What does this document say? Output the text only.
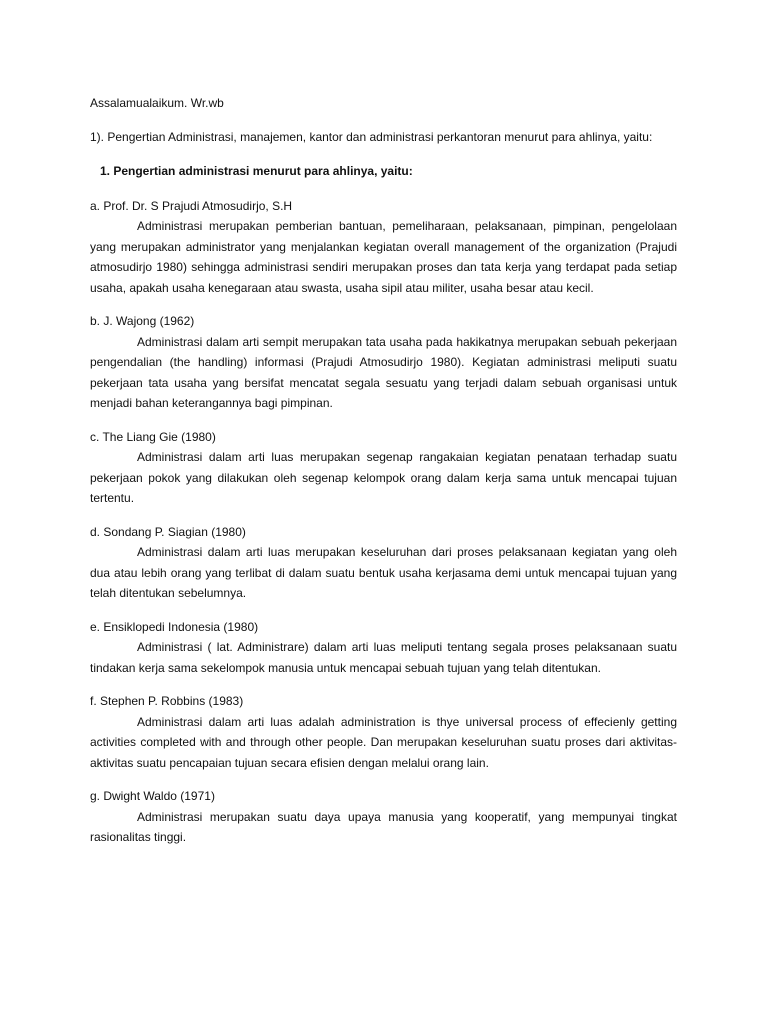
Assalamualaikum. Wr.wb

1). Pengertian Administrasi, manajemen, kantor dan administrasi perkantoran menurut para ahlinya, yaitu:

1. Pengertian administrasi menurut para ahlinya, yaitu:

a. Prof. Dr. S Prajudi Atmosudirjo, S.H

Administrasi merupakan pemberian bantuan, pemeliharaan, pelaksanaan, pimpinan, pengelolaan yang merupakan administrator yang menjalankan kegiatan overall management of the organization (Prajudi atmosudirjo 1980) sehingga administrasi sendiri merupakan proses dan tata kerja yang terdapat pada setiap usaha, apakah usaha kenegaraan atau swasta, usaha sipil atau militer, usaha besar atau kecil.

b. J. Wajong (1962)

Administrasi dalam arti sempit merupakan tata usaha pada hakikatnya merupakan sebuah pekerjaan pengendalian (the handling) informasi (Prajudi Atmosudirjo 1980). Kegiatan administrasi meliputi suatu pekerjaan tata usaha yang bersifat mencatat segala sesuatu yang terjadi dalam sebuah organisasi untuk menjadi bahan keterangannya bagi pimpinan.

c. The Liang Gie (1980)

Administrasi dalam arti luas merupakan segenap rangakaian kegiatan penataan terhadap suatu pekerjaan pokok yang dilakukan oleh segenap kelompok orang dalam kerja sama untuk mencapai tujuan tertentu.

d. Sondang P. Siagian (1980)

Administrasi dalam arti luas merupakan keseluruhan dari proses pelaksanaan kegiatan yang oleh dua atau lebih orang yang terlibat di dalam suatu bentuk usaha kerjasama demi untuk mencapai tujuan yang telah ditentukan sebelumnya.

e. Ensiklopedi Indonesia (1980)

Administrasi ( lat. Administrare) dalam arti luas meliputi tentang segala proses pelaksanaan suatu tindakan kerja sama sekelompok manusia untuk mencapai sebuah tujuan yang telah ditentukan.

f. Stephen P. Robbins (1983)

Administrasi dalam arti luas adalah administration is thye universal process of effecienly getting activities completed with and through other people. Dan merupakan keseluruhan suatu proses dari aktivitas-aktivitas suatu pencapaian tujuan secara efisien dengan melalui orang lain.

g. Dwight Waldo (1971)

Administrasi merupakan suatu daya upaya manusia yang kooperatif, yang mempunyai tingkat rasionalitas tinggi.
